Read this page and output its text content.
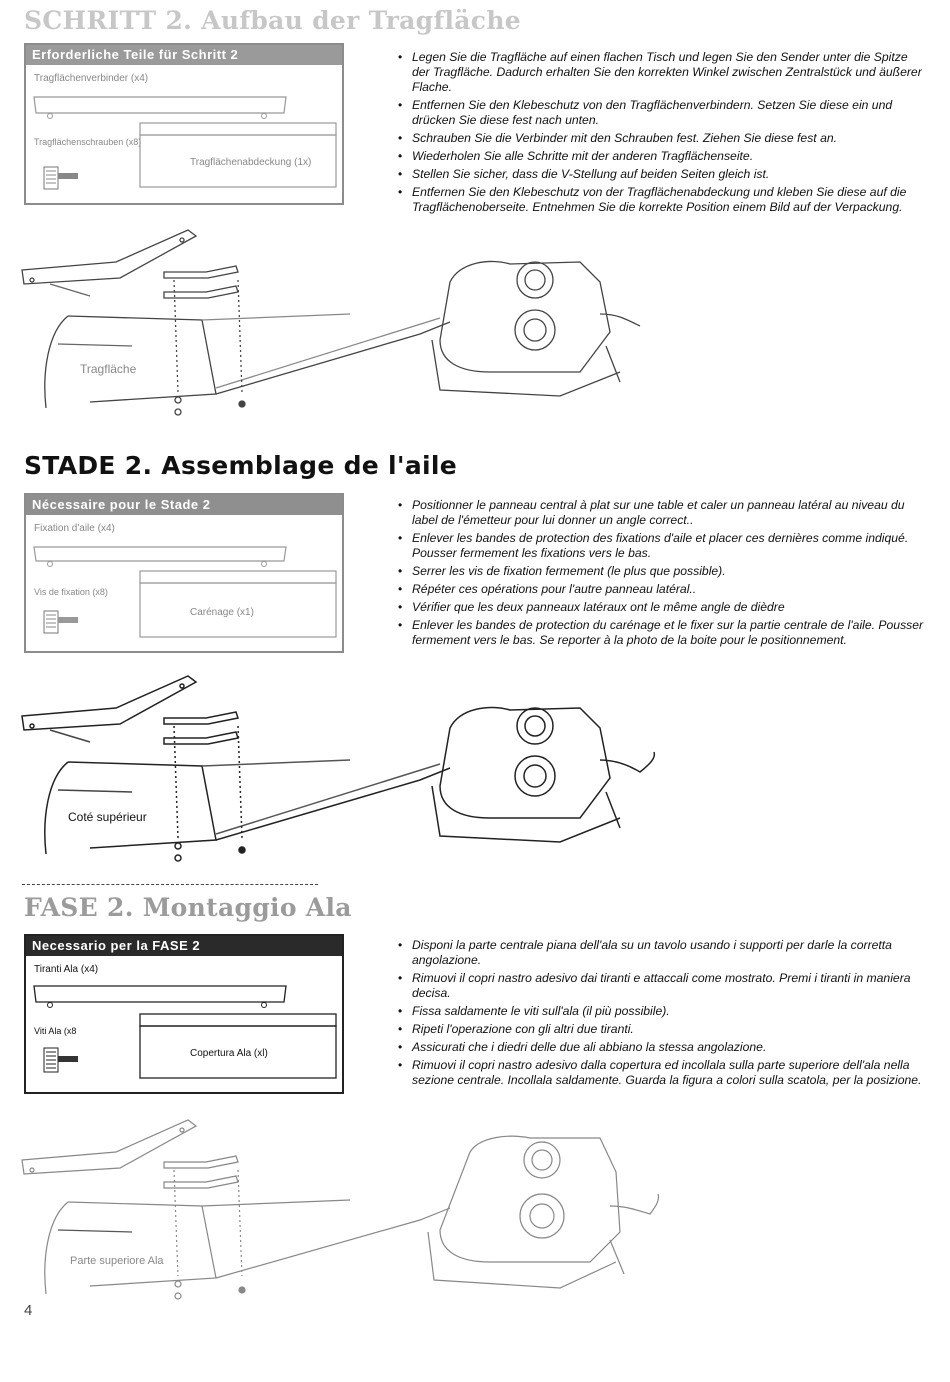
SCHRITT 2. Aufbau der Tragfläche
Erforderliche Teile für Schritt 2
Tragflächenverbinder (x4)
Tragflächenschrauben (x8)
Tragflächenabdeckung (1x)
• Legen Sie die Tragfläche auf einen flachen Tisch und legen Sie den Sender unter die Spitze der Tragfläche. Dadurch erhalten Sie den korrekten Winkel zwischen Zentralstück und äußerer Flache.
• Entfernen Sie den Klebeschutz von den Tragflächenverbindern. Setzen Sie diese ein und drücken Sie diese fest nach unten.
• Schrauben Sie die Verbinder mit den Schrauben fest. Ziehen Sie diese fest an.
• Wiederholen Sie alle Schritte mit der anderen Tragflächenseite.
• Stellen Sie sicher, dass die V-Stellung auf beiden Seiten gleich ist.
• Entfernen Sie den Klebeschutz von der Tragflächenabdeckung und kleben Sie diese auf die Tragflächenoberseite. Entnehmen Sie die korrekte Position einem Bild auf der Verpackung.
Tragfläche
STADE 2. Assemblage de l'aile
Nécessaire pour le Stade 2
Fixation d'aile (x4)
Vis de fixation (x8)
Carénage (x1)
• Positionner le panneau central à plat sur une table et caler un panneau latéral au niveau du label de l'émetteur pour lui donner un angle correct..
• Enlever les bandes de protection des fixations d'aile et placer ces dernières comme indiqué. Pousser fermement les fixations vers le bas.
• Serrer les vis de fixation fermement (le plus que possible).
• Répéter ces opérations pour l'autre panneau latéral..
• Vérifier que les deux panneaux latéraux ont le même angle de dièdre
• Enlever les bandes de protection du carénage et le fixer sur la partie centrale de l'aile. Pousser fermement vers le bas. Se reporter à la photo de la boite pour le positionnement.
Coté supérieur
FASE 2. Montaggio Ala
Necessario per la FASE 2
Tiranti Ala (x4)
Viti Ala (x8
Copertura Ala (xl)
• Disponi la parte centrale piana dell'ala su un tavolo usando i supporti per darle la corretta angolazione.
• Rimuovi il copri nastro adesivo dai tiranti e attaccali come mostrato. Premi i tiranti in maniera decisa.
• Fissa saldamente le viti sull'ala (il più possibile).
• Ripeti l'operazione con gli altri due tiranti.
• Assicurati che i diedri delle due ali abbiano la stessa angolazione.
• Rimuovi il copri nastro adesivo dalla copertura ed incollala sulla parte superiore dell'ala nella sezione centrale. Incollala saldamente. Guarda la figura a colori sulla scatola, per la posizione.
Parte superiore Ala
4
